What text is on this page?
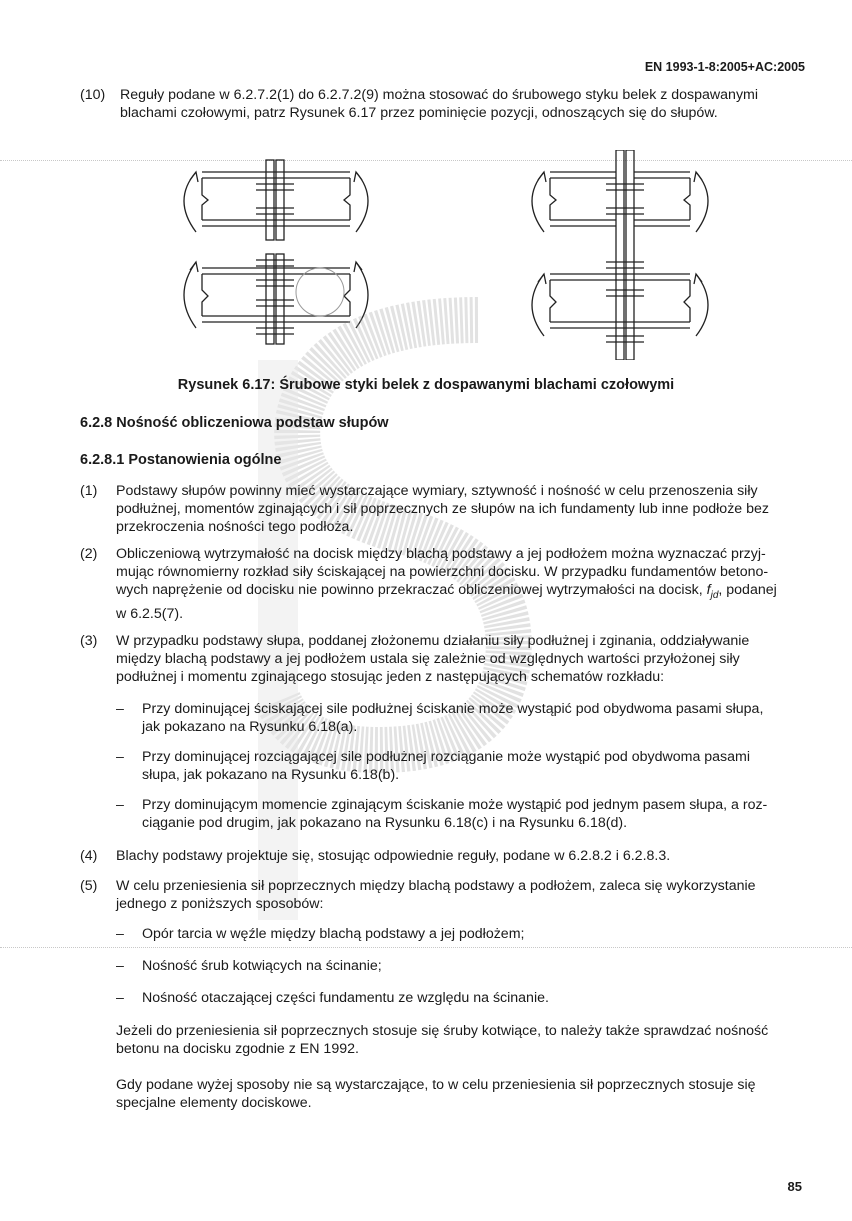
EN 1993-1-8:2005+AC:2005
(10)	Reguły podane w 6.2.7.2(1) do 6.2.7.2(9) można stosować do śrubowego styku belek z dospawanymi
blachami czołowymi, patrz Rysunek 6.17 przez pominięcie pozycji, odnoszących się do słupów.
Rysunek 6.17: Śrubowe styki belek z dospawanymi blachami czołowymi
6.2.8 Nośność obliczeniowa podstaw słupów
6.2.8.1 Postanowienia ogólne
(1)	Podstawy słupów powinny mieć wystarczające wymiary, sztywność i nośność w celu przenoszenia siły
podłużnej, momentów zginających i sił poprzecznych ze słupów na ich fundamenty lub inne podłoże bez
przekroczenia nośności tego podłoża.
(2)	Obliczeniową wytrzymałość na docisk między blachą podstawy a jej podłożem można wyznaczać przyj-
mując równomierny rozkład siły ściskającej na powierzchni docisku. W przypadku fundamentów betono-
wych naprężenie od docisku nie powinno przekraczać obliczeniowej wytrzymałości na docisk, $f_{jd}$, podanej
w 6.2.5(7).
(3)	W przypadku podstawy słupa, poddanej złożonemu działaniu siły podłużnej i zginania, oddziaływanie
między blachą podstawy a jej podłożem ustala się zależnie od względnych wartości przyłożonej siły
podłużnej i momentu zginającego stosując jeden z następujących schematów rozkładu:
–	Przy dominującej ściskającej sile podłużnej ściskanie może wystąpić pod obydwoma pasami słupa,
jak pokazano na Rysunku 6.18(a).
–	Przy dominującej rozciągającej sile podłużnej rozciąganie może wystąpić pod obydwoma pasami
słupa, jak pokazano na Rysunku 6.18(b).
–	Przy dominującym momencie zginającym ściskanie może wystąpić pod jednym pasem słupa, a roz-
ciąganie pod drugim, jak pokazano na Rysunku 6.18(c) i na Rysunku 6.18(d).
(4)	Blachy podstawy projektuje się, stosując odpowiednie reguły, podane w 6.2.8.2 i 6.2.8.3.
(5)	W celu przeniesienia sił poprzecznych między blachą podstawy a podłożem, zaleca się wykorzystanie
jednego z poniższych sposobów:
–	Opór tarcia w węźle między blachą podstawy a jej podłożem;
–	Nośność śrub kotwiących na ścinanie;
–	Nośność otaczającej części fundamentu ze względu na ścinanie.
Jeżeli do przeniesienia sił poprzecznych stosuje się śruby kotwiące, to należy także sprawdzać nośność
betonu na docisku zgodnie z EN 1992.
Gdy podane wyżej sposoby nie są wystarczające, to w celu przeniesienia sił poprzecznych stosuje się
specjalne elementy dociskowe.
85
